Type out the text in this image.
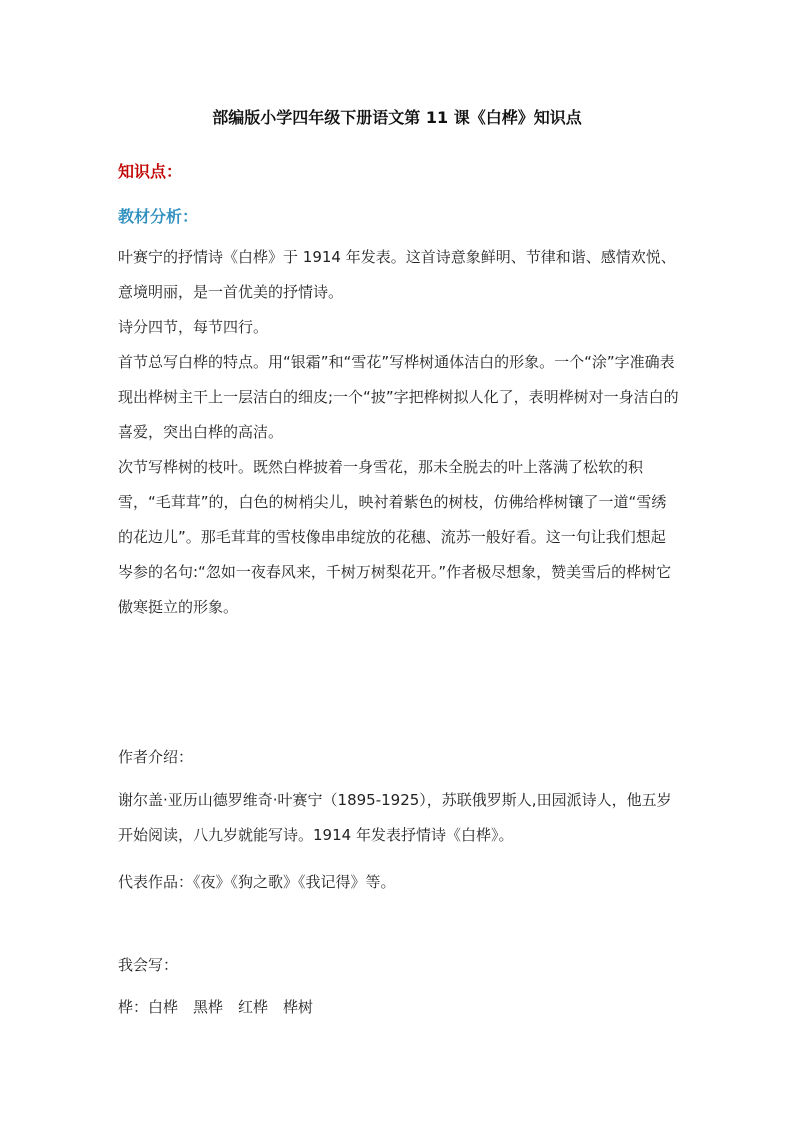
部编版小学四年级下册语文第 11 课《白桦》知识点
知识点：
教材分析：

叶赛宁的抒情诗《白桦》于 1914 年发表。这首诗意象鲜明、节律和谐、感情欢悦、意境明丽，是一首优美的抒情诗。

诗分四节，每节四行。

首节总写白桦的特点。用“银霜”和“雪花”写桦树通体洁白的形象。一个“涂”字准确表现出桦树主干上一层洁白的细皮;一个“披”字把桦树拟人化了，表明桦树对一身洁白的喜爱，突出白桦的高洁。

次节写桦树的枝叶。既然白桦披着一身雪花，那未全脱去的叶上落满了松软的积雪，“毛茸茸”的，白色的树梢尖儿，映衬着紫色的树枝，仿佛给桦树镶了一道“雪绣的花边儿”。那毛茸茸的雪枝像串串绽放的花穗、流苏一般好看。这一句让我们想起岑参的名句:“忽如一夜春风来，千树万树梨花开。”作者极尽想象，赞美雪后的桦树它傲寒挺立的形象。

作者介绍：
谢尔盖·亚历山德罗维奇·叶赛宁（1895-1925），苏联俄罗斯人,田园派诗人，他五岁开始阅读，八九岁就能写诗。1914 年发表抒情诗《白桦》。
代表作品：《夜》《狗之歌》《我记得》等。
我会写：
桦：白桦　黑桦　红桦　桦树
